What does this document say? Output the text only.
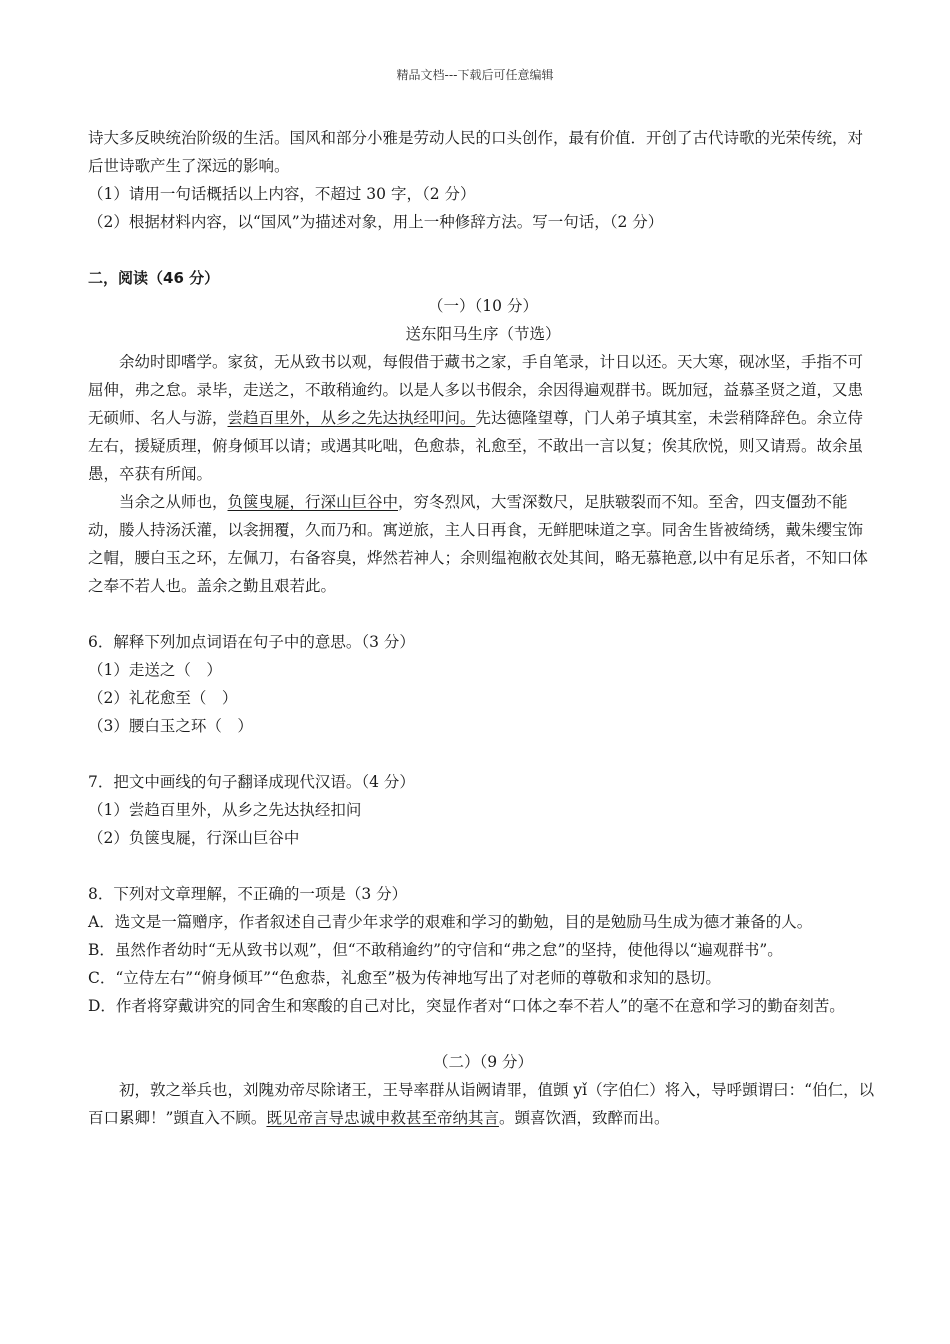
精品文档---下载后可任意编辑

诗大多反映统治阶级的生活。国风和部分小雅是劳动人民的口头创作，最有价值．开创了古代诗歌的光荣传统，对后世诗歌产生了深远的影响。

（1）请用一句话概括以上内容，不超过 30 字，（2 分）

（2）根据材料内容，以“国风”为描述对象，用上一种修辞方法。写一句话，（2 分）

二，阅读（46 分）

（一）（10 分）

送东阳马生序（节选）

余幼时即嗜学。家贫，无从致书以观，每假借于藏书之家，手自笔录，计日以还。天大寒，砚冰坚，手指不可屈伸，弗之怠。录毕，走送之，不敢稍逾约。以是人多以书假余，余因得遍观群书。既加冠，益慕圣贤之道，又患无硕师、名人与游，尝趋百里外，从乡之先达执经叩问。先达德隆望尊，门人弟子填其室，未尝稍降辞色。余立侍左右，援疑质理，俯身倾耳以请；或遇其叱咄，色愈恭，礼愈至，不敢出一言以复；俟其欣悦，则又请焉。故余虽愚，卒获有所闻。

当余之从师也，负箧曳屣，行深山巨谷中，穷冬烈风，大雪深数尺，足肤皲裂而不知。至舍，四支僵劲不能动，媵人持汤沃灌，以衾拥覆，久而乃和。寓逆旅，主人日再食，无鲜肥味道之享。同舍生皆被绮绣，戴朱缨宝饰之帽，腰白玉之环，左佩刀，右备容臭，烨然若神人；余则缊袍敝衣处其间，略无慕艳意,以中有足乐者，不知口体之奉不若人也。盖余之勤且艰若此。

6．解释下列加点词语在句子中的意思。（3 分）

（1）走送之（　）

（2）礼花愈至（　）

（3）腰白玉之环（　）

7．把文中画线的句子翻译成现代汉语。（4 分）

（1）尝趋百里外，从乡之先达执经扣问

（2）负箧曳屣，行深山巨谷中

8．下列对文章理解，不正确的一项是（3 分）

A．选文是一篇赠序，作者叙述自己青少年求学的艰难和学习的勤勉，目的是勉励马生成为德才兼备的人。

B．虽然作者幼时“无从致书以观”，但“不敢稍逾约”的守信和“弗之怠”的坚持，使他得以“遍观群书”。

C．“立侍左右”“俯身倾耳”“色愈恭，礼愈至”极为传神地写出了对老师的尊敬和求知的恳切。

D．作者将穿戴讲究的同舍生和寒酸的自己对比，突显作者对“口体之奉不若人”的毫不在意和学习的勤奋刻苦。

（二）（9 分）

初，敦之举兵也，刘隗劝帝尽除诸王，王导率群从诣阙请罪，值顗 yǐ（字伯仁）将入，导呼顗谓曰：“伯仁，以百口累卿！”顗直入不顾。既见帝言导忠诚申救甚至帝纳其言。顗喜饮酒，致醉而出。
